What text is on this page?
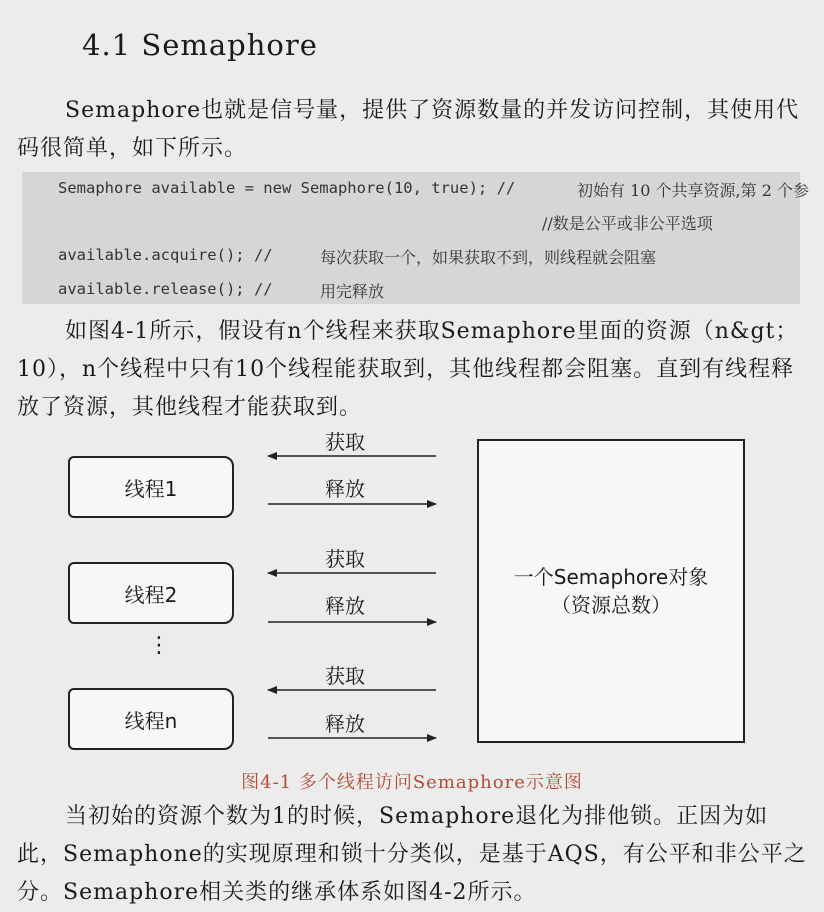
4.1 Semaphore

Semaphore也就是信号量，提供了资源数量的并发访问控制，其使用代码很简单，如下所示。

Semaphore available = new Semaphore(10, true); //	初始有 10 个共享资源,第 2 个参
//数是公平或非公平选项
available.acquire(); //	每次获取一个，如果获取不到，则线程就会阻塞
available.release(); //	用完释放

如图4-1所示，假设有n个线程来获取Semaphore里面的资源（n&gt；10），n个线程中只有10个线程能获取到，其他线程都会阻塞。直到有线程释放了资源，其他线程才能获取到。

线程1
线程2
线程n
⋮
获取
释放
获取
释放
获取
释放
一个Semaphore对象
（资源总数）
图4-1 多个线程访问Semaphore示意图

当初始的资源个数为1的时候，Semaphore退化为排他锁。正因为如此，Semaphone的实现原理和锁十分类似，是基于AQS，有公平和非公平之分。Semaphore相关类的继承体系如图4-2所示。
